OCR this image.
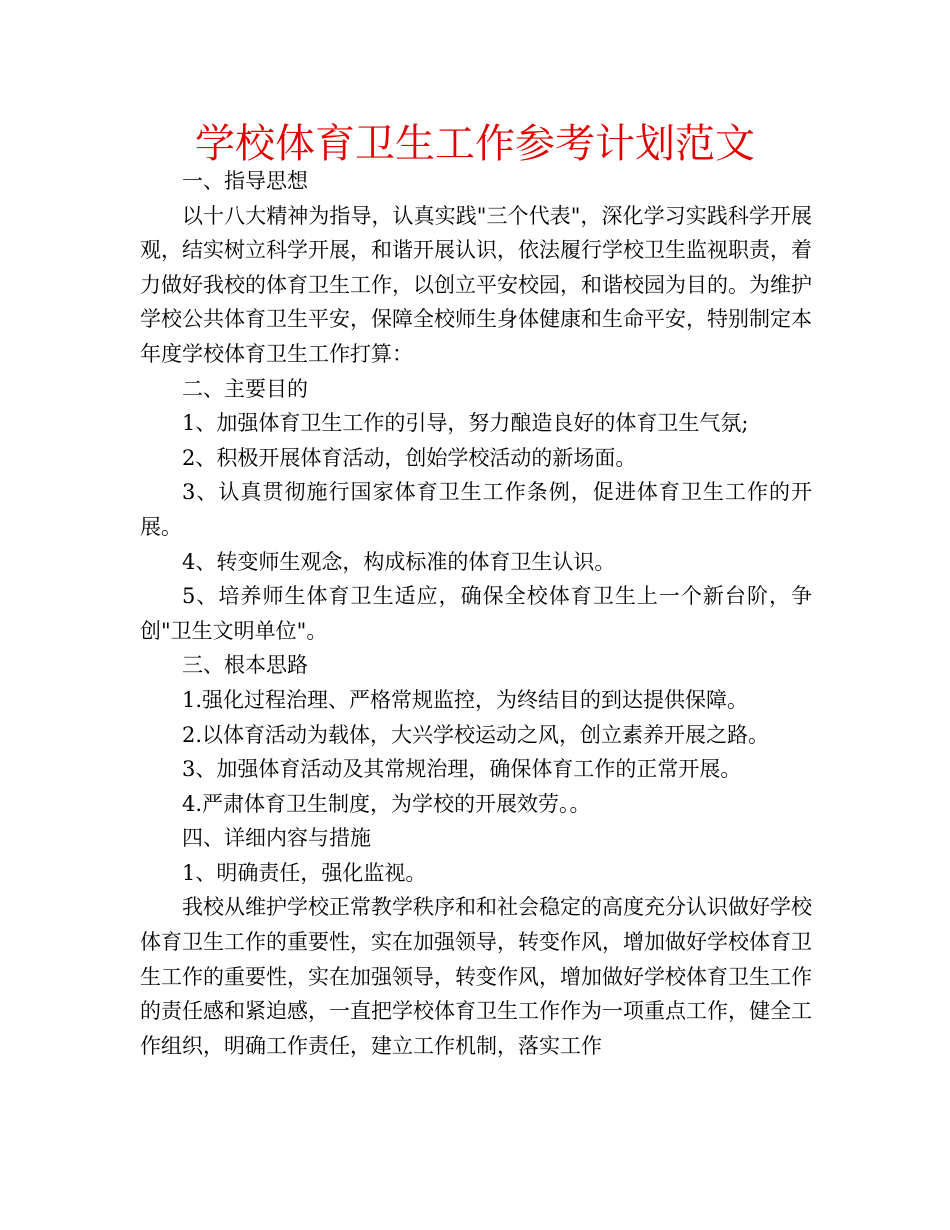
学校体育卫生工作参考计划范文

一、指导思想

以十八大精神为指导，认真实践"三个代表"，深化学习实践科学开展观，结实树立科学开展，和谐开展认识，依法履行学校卫生监视职责，着力做好我校的体育卫生工作，以创立平安校园，和谐校园为目的。为维护学校公共体育卫生平安，保障全校师生身体健康和生命平安，特别制定本年度学校体育卫生工作打算：

二、主要目的

1、加强体育卫生工作的引导，努力酿造良好的体育卫生气氛;

2、积极开展体育活动，创始学校活动的新场面。

3、认真贯彻施行国家体育卫生工作条例，促进体育卫生工作的开展。

4、转变师生观念，构成标准的体育卫生认识。

5、培养师生体育卫生适应，确保全校体育卫生上一个新台阶，争创"卫生文明单位"。

三、根本思路

1.强化过程治理、严格常规监控，为终结目的到达提供保障。

2.以体育活动为载体，大兴学校运动之风，创立素养开展之路。

3、加强体育活动及其常规治理，确保体育工作的正常开展。

4.严肃体育卫生制度，为学校的开展效劳。。

四、详细内容与措施

1、明确责任，强化监视。

我校从维护学校正常教学秩序和和社会稳定的高度充分认识做好学校体育卫生工作的重要性，实在加强领导，转变作风，增加做好学校体育卫生工作的重要性，实在加强领导，转变作风，增加做好学校体育卫生工作的责任感和紧迫感，一直把学校体育卫生工作作为一项重点工作，健全工作组织，明确工作责任，建立工作机制，落实工作
